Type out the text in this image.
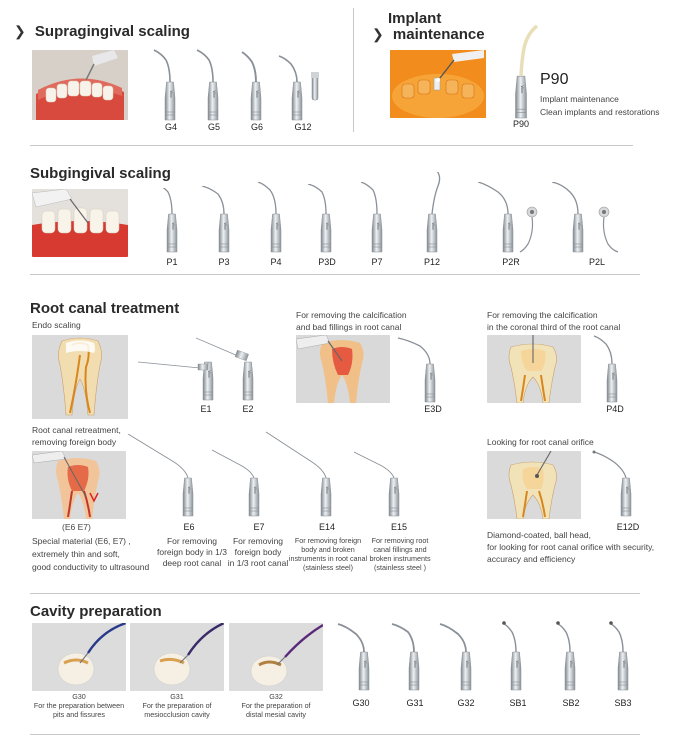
❯ Supragingival scaling
G4	G5	G6	G12
Implant
❯ maintenance
P90
P90
Implant maintenance
Clean implants and restorations
Subgingival scaling
P1	P3	P4	P3D	P7	P12	P2R	P2L
Root canal treatment
Endo scaling
E1	E2
For removing the calcification
and bad fillings in root canal
E3D
For removing the calcification
in the coronal third of the root canal
P4D
Root canal retreatment,
removing foreign body
(E6 E7)
Special material (E6, E7) ,
extremely thin and soft,
good conductivity to ultrasound
E6
For removing
foreign body in 1/3
deep root canal
E7
For removing
foreign body
in 1/3 root canal
E14
For removing foreign
body and broken
instruments in root canal
(stainless steel)
E15
For removing root
canal fillings and
broken instruments
(stainless steel )
Looking for root canal orifice
E12D
Diamond-coated, ball head,
for looking for root canal orifice with security,
accuracy and efficiency
Cavity preparation
G30
For the preparation between
pits and fissures
G31
For the preparation of
mesiocclusion cavity
G32
For the preparation of
distal mesial cavity
G30	G31	G32	SB1	SB2	SB3
